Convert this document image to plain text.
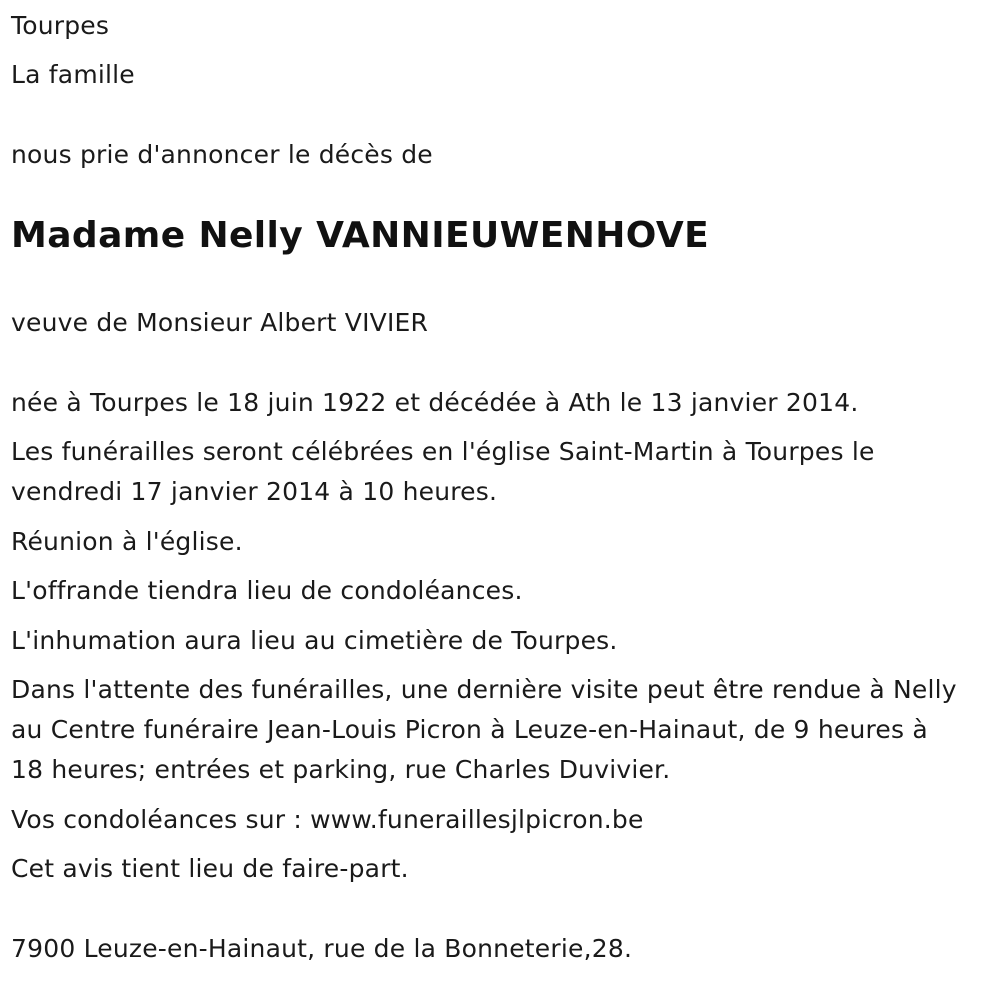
Tourpes
La famille
nous prie d'annoncer le décès de
Madame Nelly VANNIEUWENHOVE
veuve de Monsieur Albert VIVIER
née à Tourpes le 18 juin 1922 et décédée à Ath le 13 janvier 2014.
Les funérailles seront célébrées en l'église Saint-Martin à Tourpes le vendredi 17 janvier 2014 à 10 heures.
Réunion à l'église.
L'offrande tiendra lieu de condoléances.
L'inhumation aura lieu au cimetière de Tourpes.
Dans l'attente des funérailles, une dernière visite peut être rendue à Nelly au Centre funéraire Jean-Louis Picron à Leuze-en-Hainaut, de 9 heures à 18 heures; entrées et parking, rue Charles Duvivier.
Vos condoléances sur : www.funeraillesjlpicron.be
Cet avis tient lieu de faire-part.
7900 Leuze-en-Hainaut, rue de la Bonneterie,28.
